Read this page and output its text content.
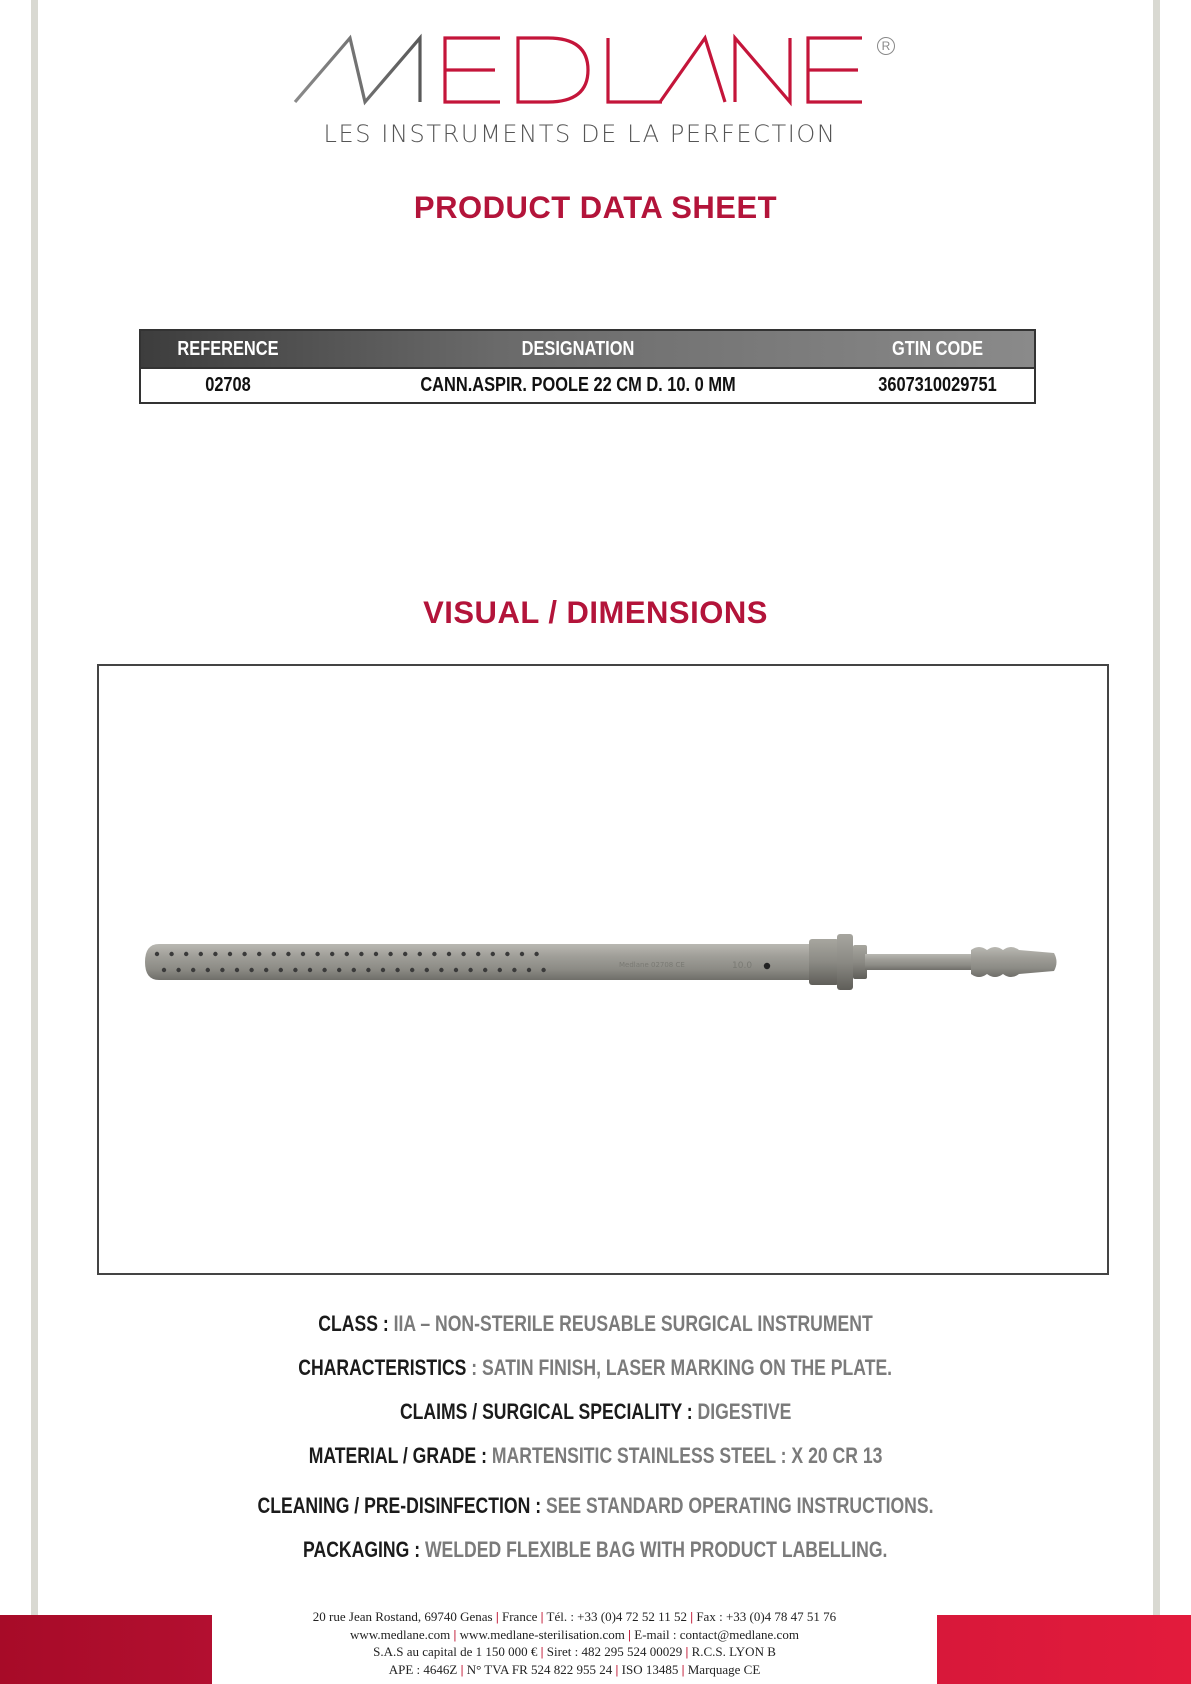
R
LES INSTRUMENTS DE LA PERFECTION
PRODUCT DATA SHEET
REFERENCE	DESIGNATION	GTIN CODE
02708	CANN.ASPIR. POOLE 22 CM D. 10. 0 MM	3607310029751
VISUAL / DIMENSIONS
Medlane 02708 CE	10.0
CLASS : IIA – NON-STERILE REUSABLE SURGICAL INSTRUMENT
CHARACTERISTICS : SATIN FINISH, LASER MARKING ON THE PLATE.
CLAIMS / SURGICAL SPECIALITY : DIGESTIVE
MATERIAL / GRADE : MARTENSITIC STAINLESS STEEL : X 20 CR 13
CLEANING / PRE-DISINFECTION : SEE STANDARD OPERATING INSTRUCTIONS.
PACKAGING : WELDED FLEXIBLE BAG WITH PRODUCT LABELLING.
20 rue Jean Rostand, 69740 Genas | France | Tél. : +33 (0)4 72 52 11 52 | Fax : +33 (0)4 78 47 51 76
www.medlane.com | www.medlane-sterilisation.com | E-mail : contact@medlane.com
S.A.S au capital de 1 150 000 € | Siret : 482 295 524 00029 | R.C.S. LYON B
APE : 4646Z | N° TVA FR 524 822 955 24 | ISO 13485 | Marquage CE
